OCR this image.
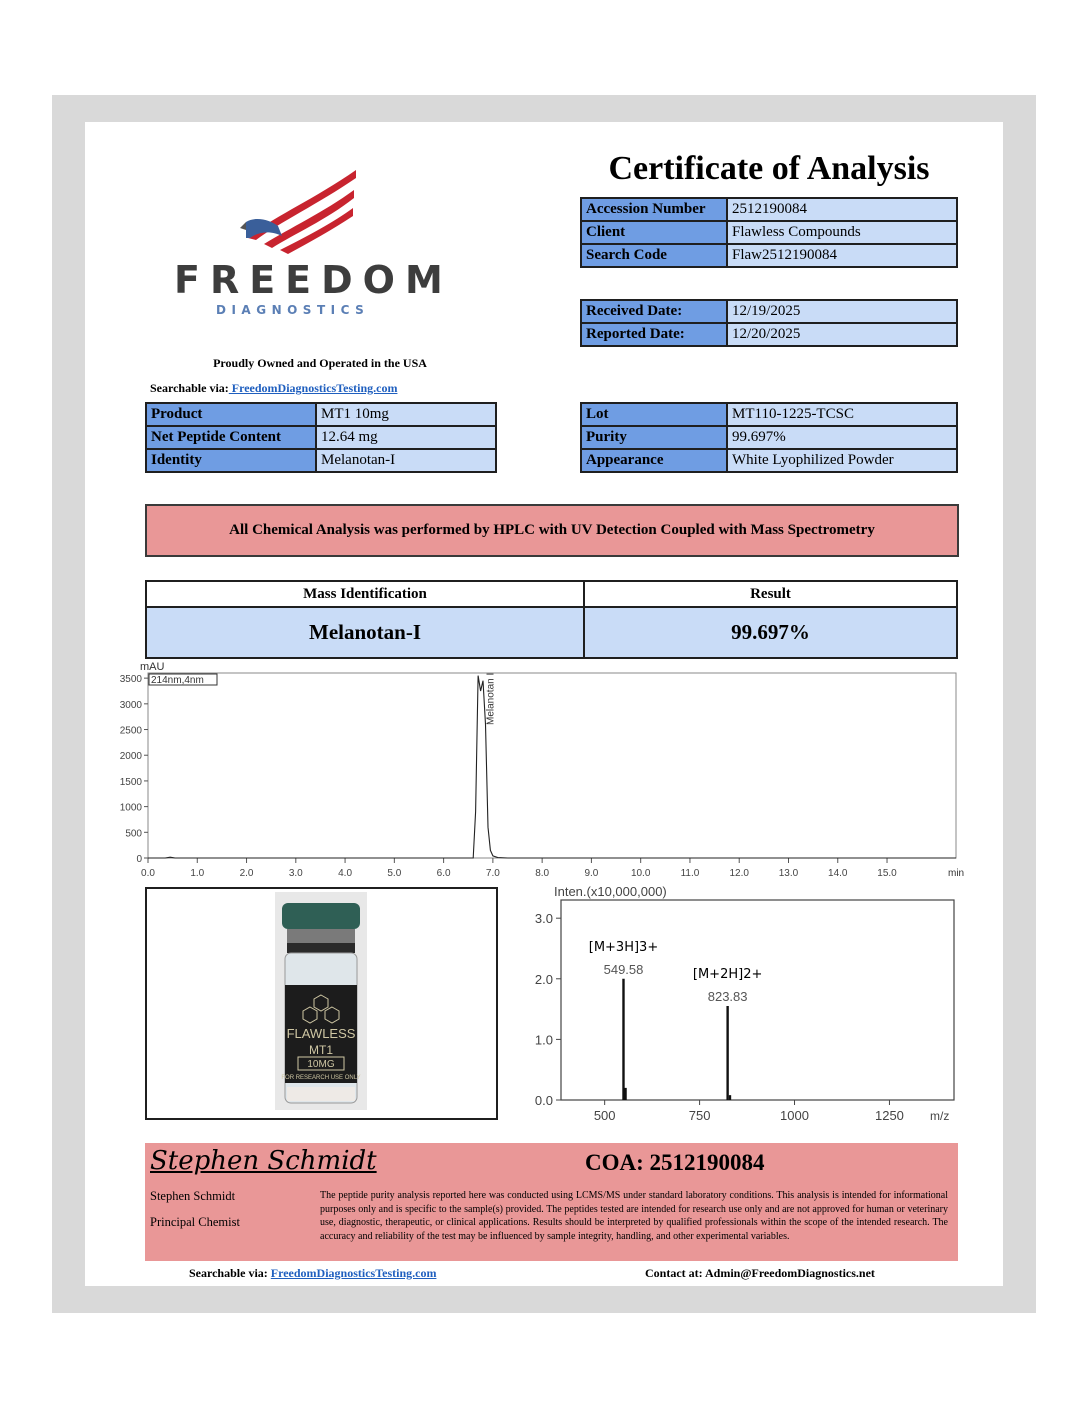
FREEDOM
DIAGNOSTICS
Proudly Owned and Operated in the USA
Searchable via: FreedomDiagnosticsTesting.com
Certificate of Analysis
Accession Number	2512190084
Client	Flawless Compounds
Search Code	Flaw2512190084
Received Date:	12/19/2025
Reported Date:	12/20/2025
Product	MT1 10mg
Net Peptide Content	12.64 mg
Identity	Melanotan-I
Lot	MT110-1225-TCSC
Purity	99.697%
Appearance	White Lyophilized Powder
All Chemical Analysis was performed by HPLC with UV Detection Coupled with Mass Spectrometry
Mass Identification	Result
Melanotan-I	99.697%
mAU
214nm,4nm
min
0
500
1000
1500
2000
2500
3000
3500
0.0	1.0	2.0	3.0	4.0	5.0	6.0	7.0	8.0	9.0	10.0	11.0	12.0	13.0	14.0	15.0
Melanotan I
FLAWLESS
MT1
10MG
FOR RESEARCH USE ONLY
Inten.(x10,000,000)
m/z
0.0
1.0
2.0
3.0
500	750	1000	1250
[M+3H]3+
549.58	[M+2H]2+
823.83
Stephen Schmidt	COA: 2512190084
Stephen Schmidt
Principal Chemist
The peptide purity analysis reported here was conducted using LCMS/MS under standard laboratory conditions. This analysis is intended for informational purposes only and is specific to the sample(s) provided. The peptides tested are intended for research use only and are not approved for human or veterinary use, diagnostic, therapeutic, or clinical applications. Results should be interpreted by qualified professionals within the scope of the intended research. The accuracy and reliability of the test may be influenced by sample integrity, handling, and other experimental variables.
Searchable via: FreedomDiagnosticsTesting.com	Contact at: Admin@FreedomDiagnostics.net
